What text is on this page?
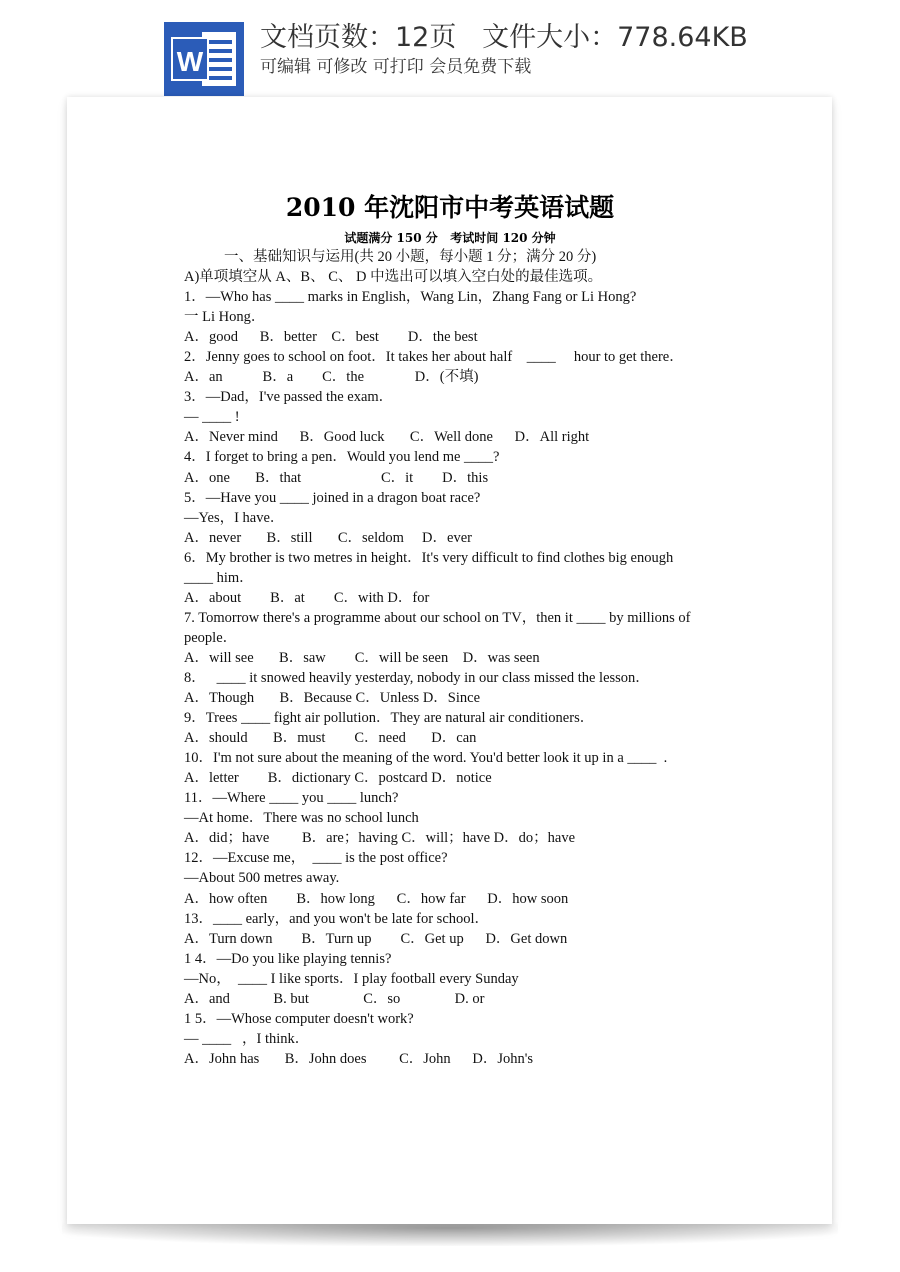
W
文档页数：12页   文件大小：778.64KB
可编辑 可修改 可打印 会员免费下载
2010 年沈阳市中考英语试题
试题满分 150 分   考试时间 120 分钟
一、基础知识与运用(共 20 小题，每小题 1 分；满分 20 分)
A)单项填空从 A、B、 C、 D 中选出可以填入空白处的最佳选项。
1．—Who has ____ marks in English，Wang Lin，Zhang Fang or Li Hong?
一 Li Hong．
A．good      B．better    C．best        D．the best
2．Jenny goes to school on foot．It takes her about half    ____     hour to get there．
A．an           B．a        C．the              D．(不填)
3．—Dad，I've passed the exam．
— ____ !
A．Never mind      B．Good luck       C．Well done      D．All right
4．I forget to bring a pen．Would you lend me ____?
A．one       B．that                      C．it        D．this
5．—Have you ____ joined in a dragon boat race?
—Yes，I have．
A．never       B．still       C．seldom     D．ever
6．My brother is two metres in height．It's very difficult to find clothes big enough
____ him．
A．about        B．at        C．with D．for
7. Tomorrow there's a programme about our school on TV，then it ____ by millions of
people．
A．will see       B．saw        C．will be seen    D．was seen
8．   ____ it snowed heavily yesterday, nobody in our class missed the lesson．
A．Though       B．Because C．Unless D．Since
9．Trees ____ fight air pollution．They are natural air conditioners．
A．should       B．must        C．need       D．can
10．I'm not sure about the meaning of the word. You'd better look it up in a ____  .
A．letter        B．dictionary C．postcard D．notice
11．—Where ____ you ____ lunch?
—At home．There was no school lunch
A．did；have         B．are；having C．will；have D．do；have
12．—Excuse me，  ____ is the post office?
—About 500 metres away.
A．how often        B．how long      C．how far      D．how soon
13．____ early，and you won't be late for school．
A．Turn down        B．Turn up        C．Get up      D．Get down
1 4．—Do you like playing tennis?
—No，  ____ I like sports．I play football every Sunday
A．and            B. but               C．so               D. or
1 5．—Whose computer doesn't work?
— ____   ，I think．
A．John has       B．John does         C．John      D．John's
